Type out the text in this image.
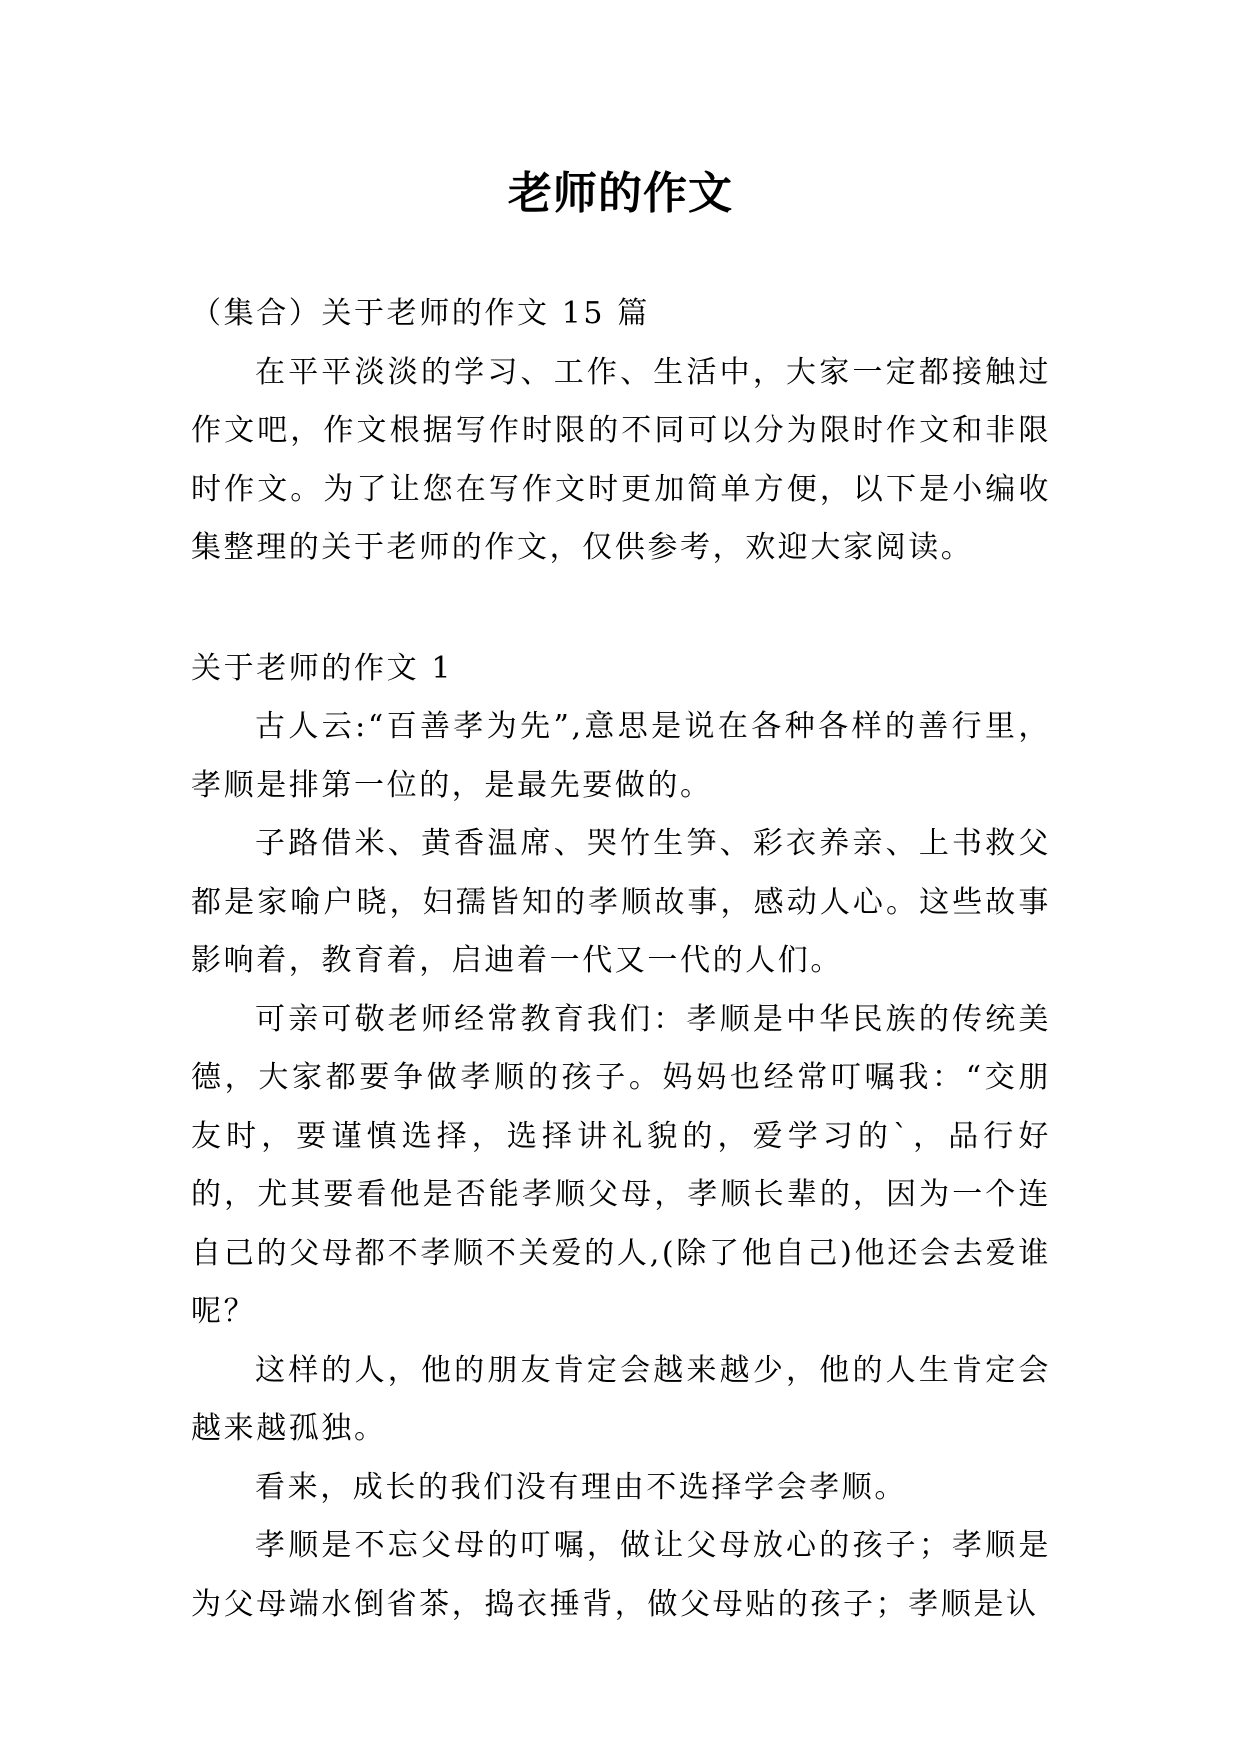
老师的作文

（集合）关于老师的作文 15 篇

在平平淡淡的学习、工作、生活中，大家一定都接触过作文吧，作文根据写作时限的不同可以分为限时作文和非限时作文。为了让您在写作文时更加简单方便，以下是小编收集整理的关于老师的作文，仅供参考，欢迎大家阅读。

关于老师的作文 1

古人云:“百善孝为先”,意思是说在各种各样的善行里，孝顺是排第一位的，是最先要做的。

子路借米、黄香温席、哭竹生笋、彩衣养亲、上书救父都是家喻户晓，妇孺皆知的孝顺故事，感动人心。这些故事影响着，教育着，启迪着一代又一代的人们。

可亲可敬老师经常教育我们：孝顺是中华民族的传统美德，大家都要争做孝顺的孩子。妈妈也经常叮嘱我：“交朋友时，要谨慎选择，选择讲礼貌的，爱学习的`，品行好的，尤其要看他是否能孝顺父母，孝顺长辈的，因为一个连自己的父母都不孝顺不关爱的人,(除了他自己)他还会去爱谁呢？

这样的人，他的朋友肯定会越来越少，他的人生肯定会越来越孤独。

看来，成长的我们没有理由不选择学会孝顺。

孝顺是不忘父母的叮嘱，做让父母放心的孩子；孝顺是为父母端水倒省茶，捣衣捶背，做父母贴的孩子；孝顺是认
